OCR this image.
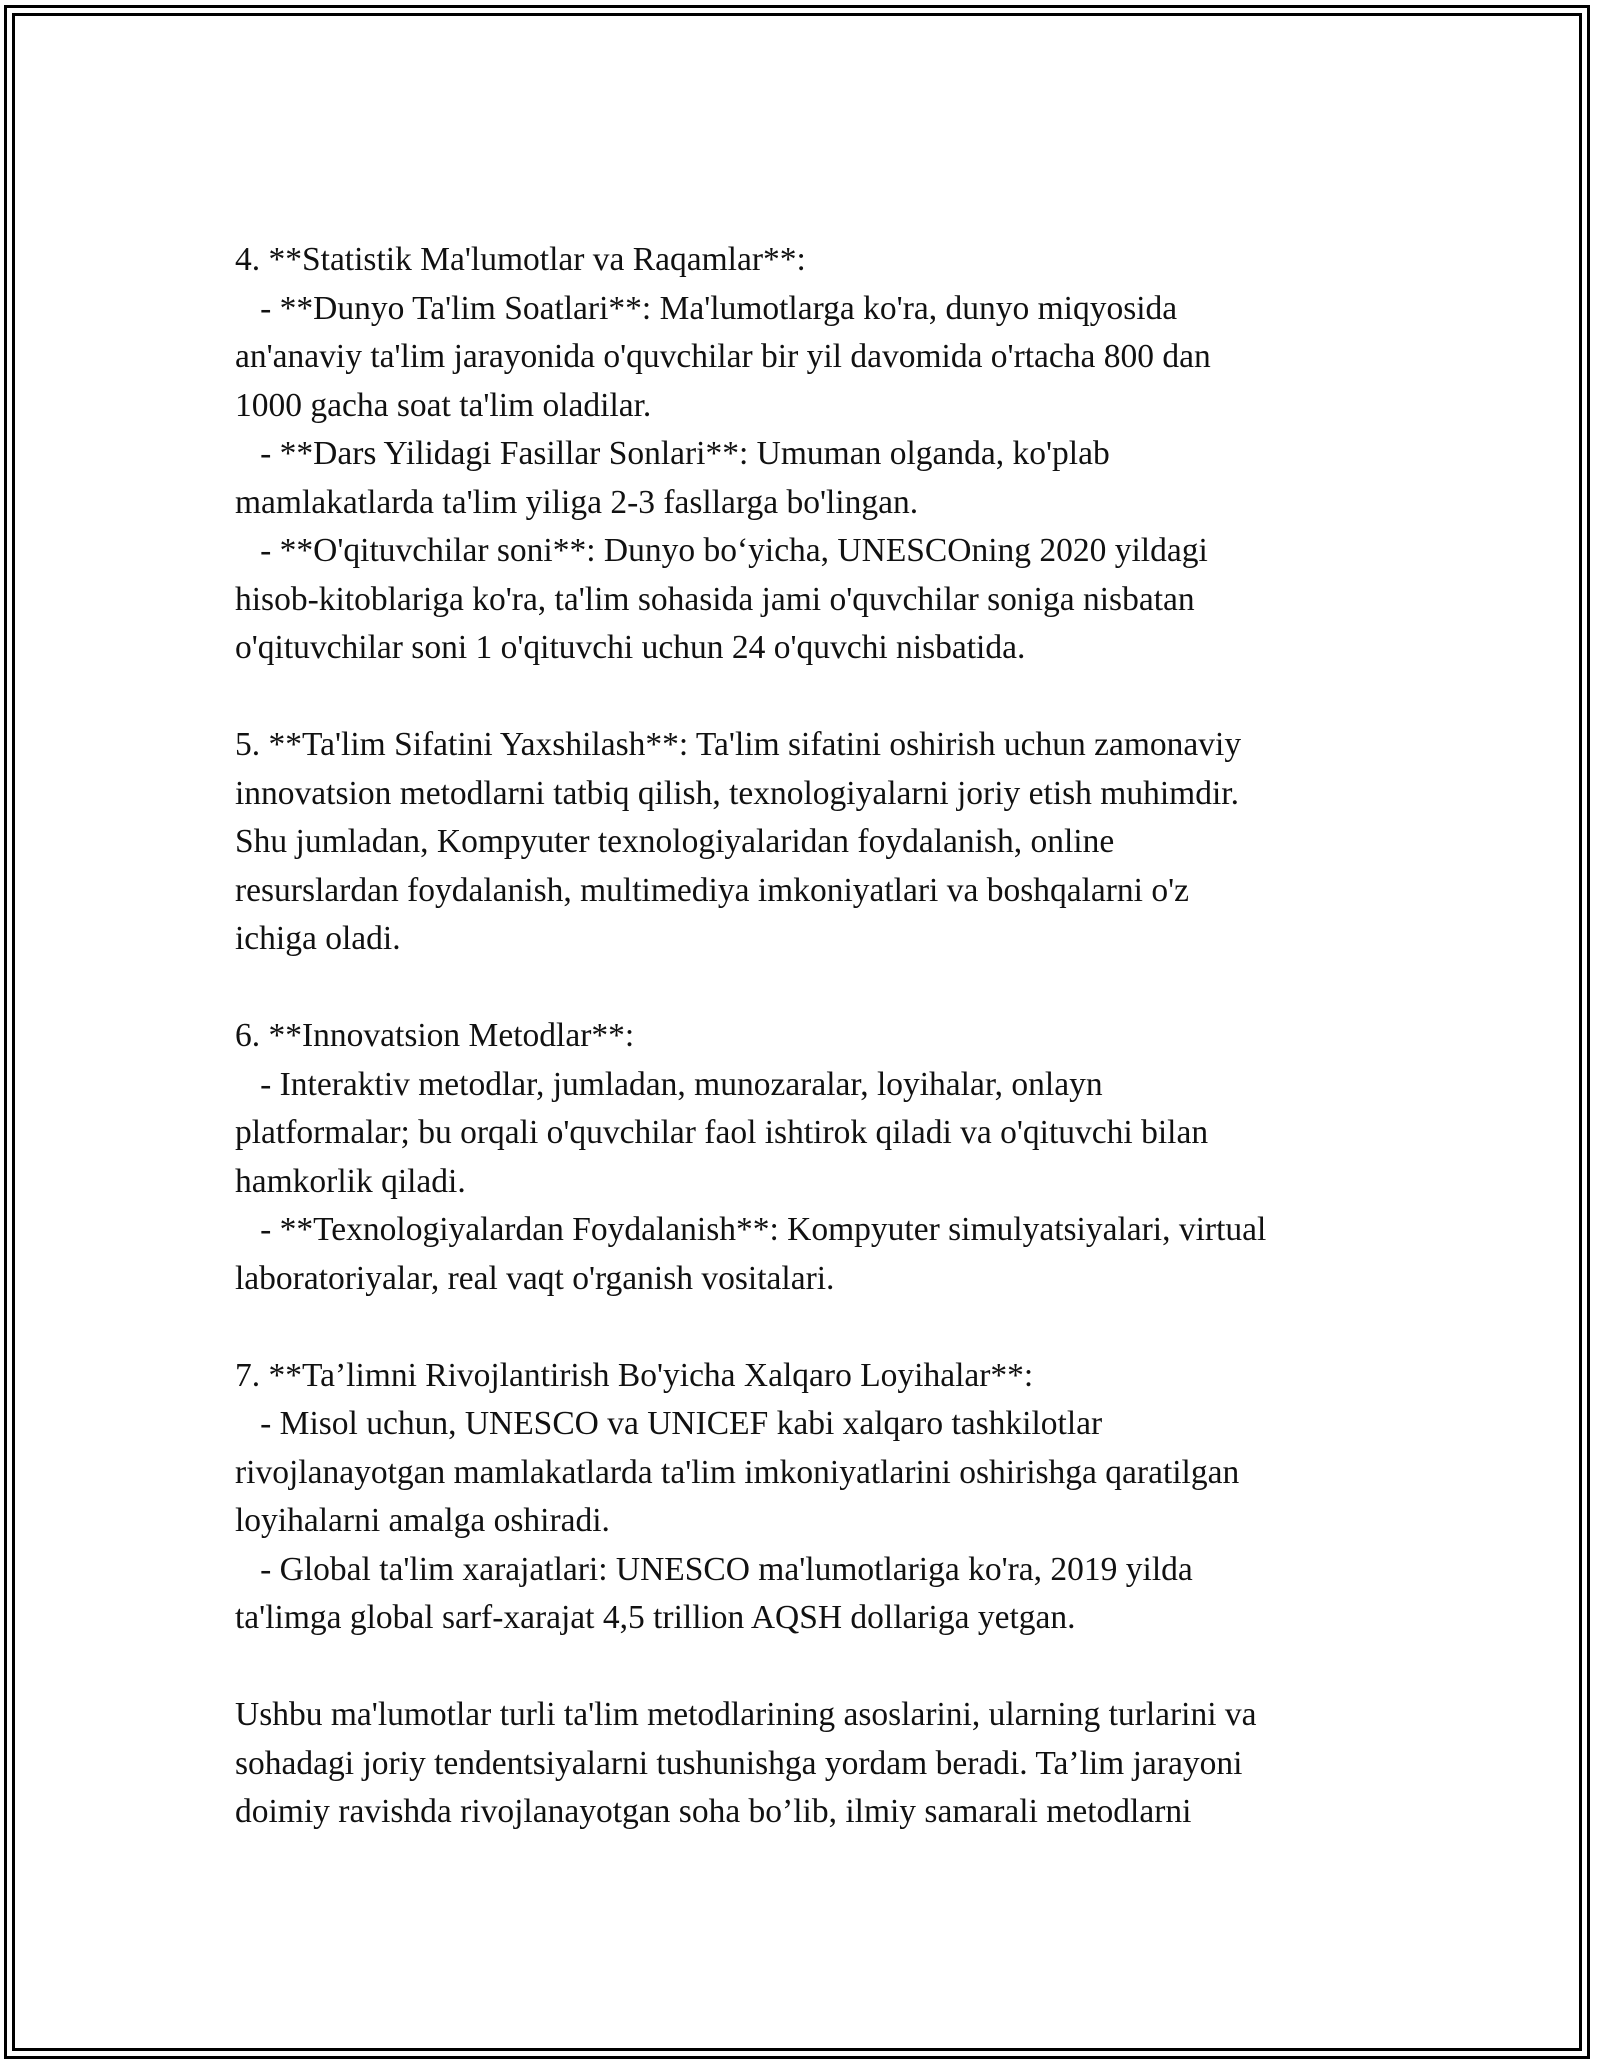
4. **Statistik Ma'lumotlar va Raqamlar**:
- **Dunyo Ta'lim Soatlari**: Ma'lumotlarga ko'ra, dunyo miqyosida
an'anaviy ta'lim jarayonida o'quvchilar bir yil davomida o'rtacha 800 dan
1000 gacha soat ta'lim oladilar.
- **Dars Yilidagi Fasillar Sonlari**: Umuman olganda, ko'plab
mamlakatlarda ta'lim yiliga 2-3 fasllarga bo'lingan.
- **O'qituvchilar soni**: Dunyo bo‘yicha, UNESCOning 2020 yildagi
hisob-kitoblariga ko'ra, ta'lim sohasida jami o'quvchilar soniga nisbatan
o'qituvchilar soni 1 o'qituvchi uchun 24 o'quvchi nisbatida.
5. **Ta'lim Sifatini Yaxshilash**: Ta'lim sifatini oshirish uchun zamonaviy
innovatsion metodlarni tatbiq qilish, texnologiyalarni joriy etish muhimdir.
Shu jumladan, Kompyuter texnologiyalaridan foydalanish, online
resurslardan foydalanish, multimediya imkoniyatlari va boshqalarni o'z
ichiga oladi.
6. **Innovatsion Metodlar**:
- Interaktiv metodlar, jumladan, munozaralar, loyihalar, onlayn
platformalar; bu orqali o'quvchilar faol ishtirok qiladi va o'qituvchi bilan
hamkorlik qiladi.
- **Texnologiyalardan Foydalanish**: Kompyuter simulyatsiyalari, virtual
laboratoriyalar, real vaqt o'rganish vositalari.
7. **Ta’limni Rivojlantirish Bo'yicha Xalqaro Loyihalar**:
- Misol uchun, UNESCO va UNICEF kabi xalqaro tashkilotlar
rivojlanayotgan mamlakatlarda ta'lim imkoniyatlarini oshirishga qaratilgan
loyihalarni amalga oshiradi.
- Global ta'lim xarajatlari: UNESCO ma'lumotlariga ko'ra, 2019 yilda
ta'limga global sarf-xarajat 4,5 trillion AQSH dollariga yetgan.
Ushbu ma'lumotlar turli ta'lim metodlarining asoslarini, ularning turlarini va
sohadagi joriy tendentsiyalarni tushunishga yordam beradi. Ta’lim jarayoni
doimiy ravishda rivojlanayotgan soha bo’lib, ilmiy samarali metodlarni
